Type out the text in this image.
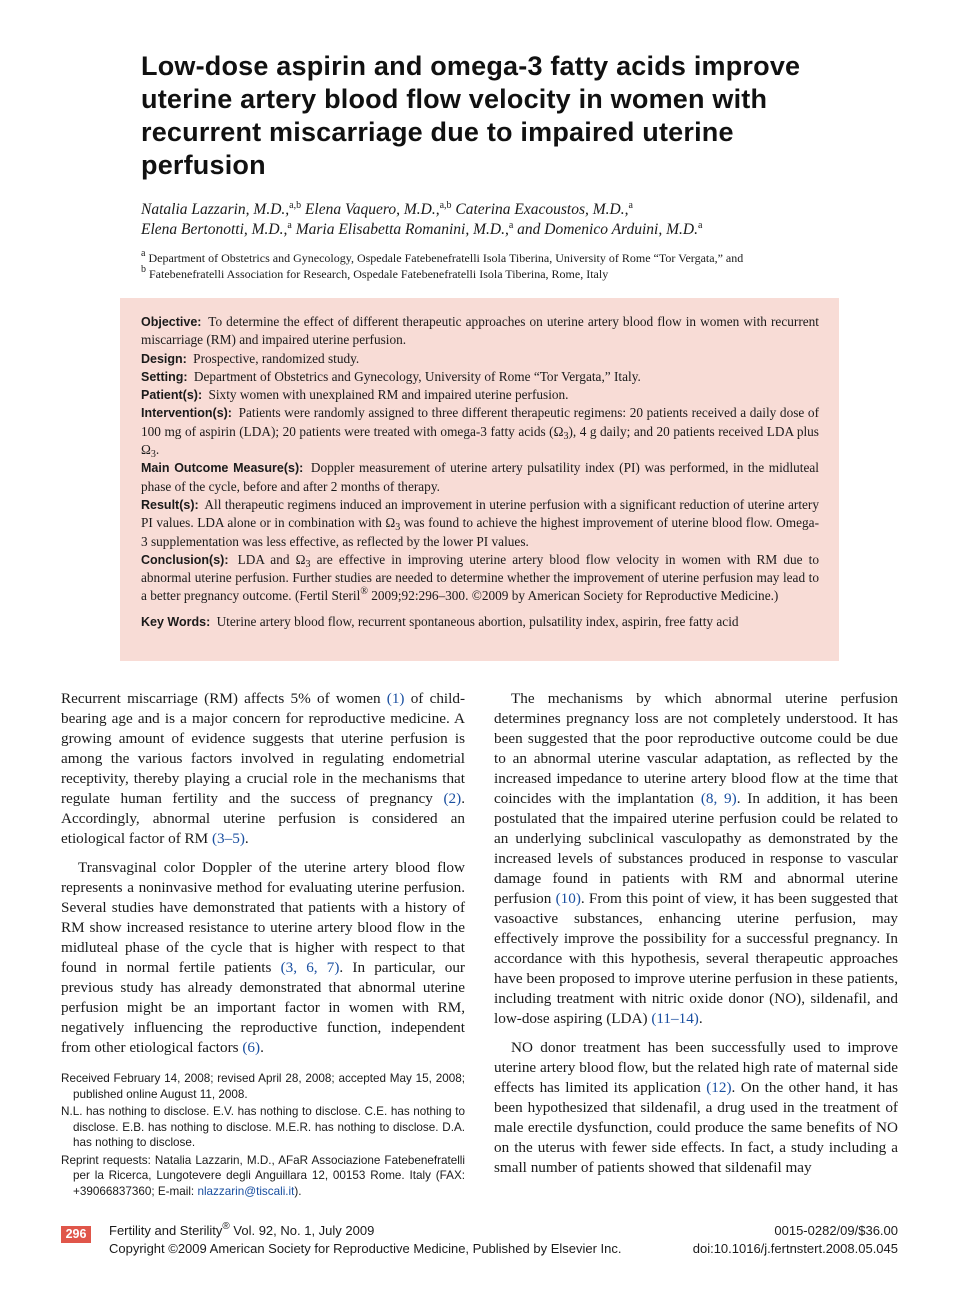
Low-dose aspirin and omega-3 fatty acids improve
uterine artery blood flow velocity in women with
recurrent miscarriage due to impaired uterine
perfusion
Natalia Lazzarin, M.D.,$^{a,b}$ Elena Vaquero, M.D.,$^{a,b}$ Caterina Exacoustos, M.D.,$^a$
Elena Bertonotti, M.D.,$^a$ Maria Elisabetta Romanini, M.D.,$^a$ and Domenico Arduini, M.D.$^a$
$^a$ Department of Obstetrics and Gynecology, Ospedale Fatebenefratelli Isola Tiberina, University of Rome “Tor Vergata,” and
$^b$ Fatebenefratelli Association for Research, Ospedale Fatebenefratelli Isola Tiberina, Rome, Italy

Objective: To determine the effect of different therapeutic approaches on uterine artery blood flow in women with recurrent miscarriage (RM) and impaired uterine perfusion.

Design: Prospective, randomized study.

Setting: Department of Obstetrics and Gynecology, University of Rome “Tor Vergata,” Italy.

Patient(s): Sixty women with unexplained RM and impaired uterine perfusion.

Intervention(s): Patients were randomly assigned to three different therapeutic regimens: 20 patients received a daily dose of 100 mg of aspirin (LDA); 20 patients were treated with omega-3 fatty acids $(\Omega_3)$, 4 g daily; and 20 patients received LDA plus $\Omega_3$.

Main Outcome Measure(s): Doppler measurement of uterine artery pulsatility index (PI) was performed, in the midluteal phase of the cycle, before and after 2 months of therapy.

Result(s): All therapeutic regimens induced an improvement in uterine perfusion with a significant reduction of uterine artery PI values. LDA alone or in combination with $\Omega_3$ was found to achieve the highest improvement of uterine blood flow. Omega-3 supplementation was less effective, as reflected by the lower PI values.

Conclusion(s): LDA and $\Omega_3$ are effective in improving uterine artery blood flow velocity in women with RM due to abnormal uterine perfusion. Further studies are needed to determine whether the improvement of uterine perfusion may lead to a better pregnancy outcome. (Fertil Steril® 2009;92:296–300. ©2009 by American Society for Reproductive Medicine.)

Key Words: Uterine artery blood flow, recurrent spontaneous abortion, pulsatility index, aspirin, free fatty acid

Recurrent miscarriage (RM) affects 5% of women (1) of child-bearing age and is a major concern for reproductive medicine. A growing amount of evidence suggests that uterine perfusion is among the various factors involved in regulating endometrial receptivity, thereby playing a crucial role in the mechanisms that regulate human fertility and the success of pregnancy (2). Accordingly, abnormal uterine perfusion is considered an etiological factor of RM (3–5).

Transvaginal color Doppler of the uterine artery blood flow represents a noninvasive method for evaluating uterine perfusion. Several studies have demonstrated that patients with a history of RM show increased resistance to uterine artery blood flow in the midluteal phase of the cycle that is higher with respect to that found in normal fertile patients (3, 6, 7). In particular, our previous study has already demonstrated that abnormal uterine perfusion might be an important factor in women with RM, negatively influencing the reproductive function, independent from other etiological factors (6).

Received February 14, 2008; revised April 28, 2008; accepted May 15, 2008; published online August 11, 2008.

N.L. has nothing to disclose. E.V. has nothing to disclose. C.E. has nothing to disclose. E.B. has nothing to disclose. M.E.R. has nothing to disclose. D.A. has nothing to disclose.

Reprint requests: Natalia Lazzarin, M.D., AFaR Associazione Fatebenefratelli per la Ricerca, Lungotevere degli Anguillara 12, 00153 Rome. Italy (FAX: +39066837360; E-mail: nlazzarin@tiscali.it).

The mechanisms by which abnormal uterine perfusion determines pregnancy loss are not completely understood. It has been suggested that the poor reproductive outcome could be due to an abnormal uterine vascular adaptation, as reflected by the increased impedance to uterine artery blood flow at the time that coincides with the implantation (8, 9). In addition, it has been postulated that the impaired uterine perfusion could be related to an underlying subclinical vasculopathy as demonstrated by the increased levels of substances produced in response to vascular damage found in patients with RM and abnormal uterine perfusion (10). From this point of view, it has been suggested that vasoactive substances, enhancing uterine perfusion, may effectively improve the possibility for a successful pregnancy. In accordance with this hypothesis, several therapeutic approaches have been proposed to improve uterine perfusion in these patients, including treatment with nitric oxide donor (NO), sildenafil, and low-dose aspiring (LDA) (11–14).

NO donor treatment has been successfully used to improve uterine artery blood flow, but the related high rate of maternal side effects has limited its application (12). On the other hand, it has been hypothesized that sildenafil, a drug used in the treatment of male erectile dysfunction, could produce the same benefits of NO on the uterus with fewer side effects. In fact, a study including a small number of patients showed that sildenafil may

296	Fertility and Sterility® Vol. 92, No. 1, July 2009
Copyright ©2009 American Society for Reproductive Medicine, Published by Elsevier Inc.
0015-0282/09/$36.00
doi:10.1016/j.fertnstert.2008.05.045
